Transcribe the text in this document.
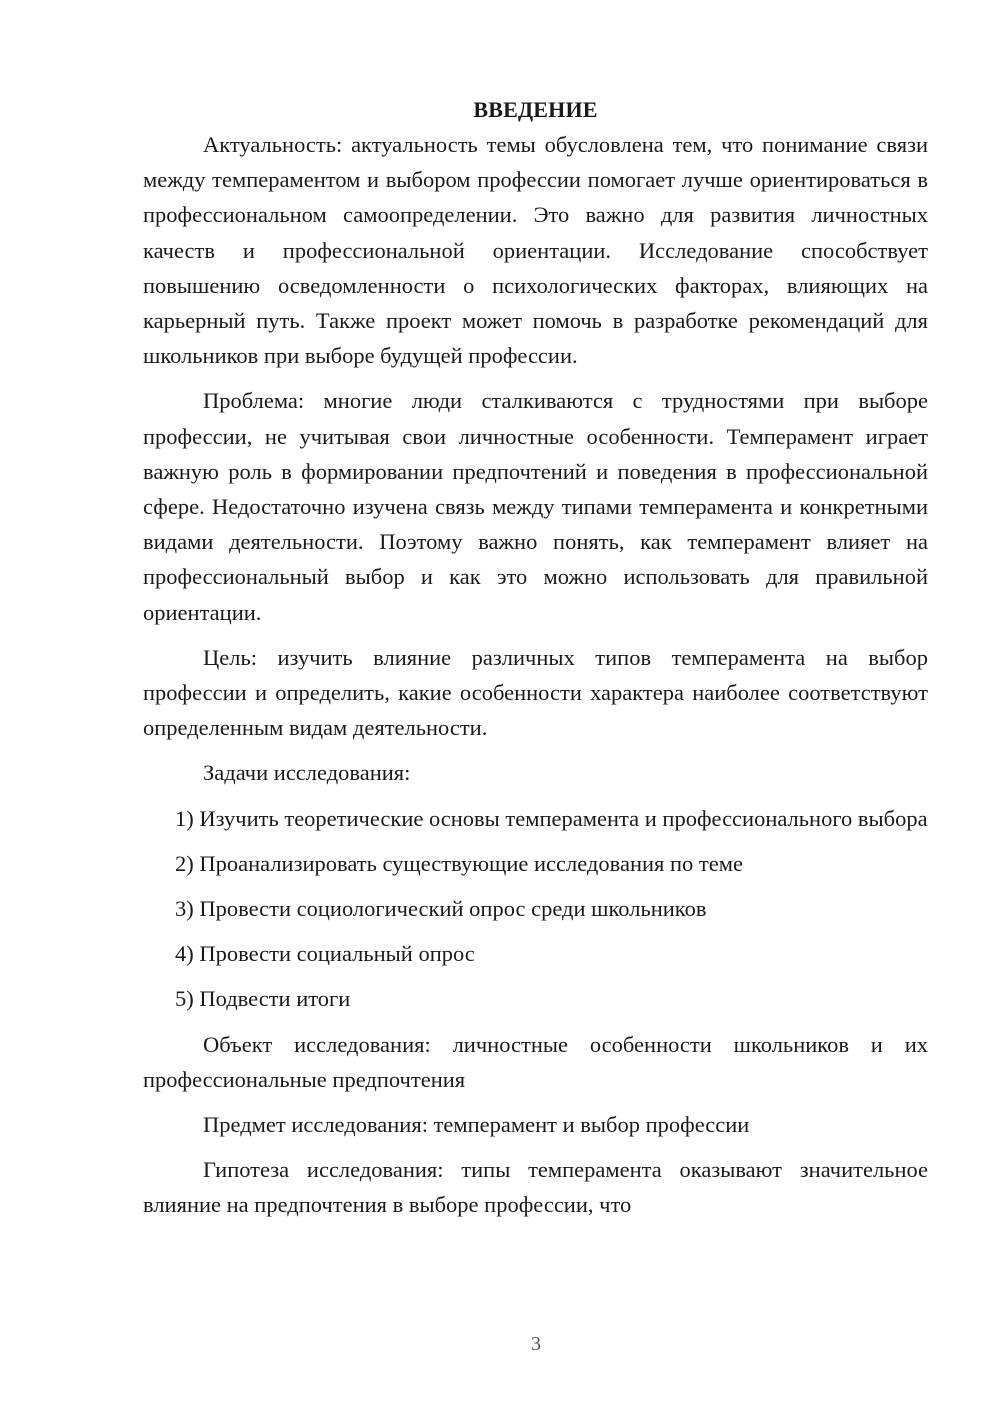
ВВЕДЕНИЕ

Актуальность: актуальность темы обусловлена тем, что понимание связи между темпераментом и выбором профессии помогает лучше ориентироваться в профессиональном самоопределении. Это важно для развития личностных качеств и профессиональной ориентации. Исследование способствует повышению осведомленности о психологических факторах, влияющих на карьерный путь. Также проект может помочь в разработке рекомендаций для школьников при выборе будущей профессии.

Проблема: многие люди сталкиваются с трудностями при выборе профессии, не учитывая свои личностные особенности. Темперамент играет важную роль в формировании предпочтений и поведения в профессиональной сфере. Недостаточно изучена связь между типами темперамента и конкретными видами деятельности. Поэтому важно понять, как темперамент влияет на профессиональный выбор и как это можно использовать для правильной ориентации.

Цель: изучить влияние различных типов темперамента на выбор профессии и определить, какие особенности характера наиболее соответствуют определенным видам деятельности.

Задачи исследования:

1) Изучить теоретические основы темперамента и профессионального выбора

2) Проанализировать существующие исследования по теме

3) Провести социологический опрос среди школьников

4) Провести социальный опрос

5) Подвести итоги

Объект исследования: личностные особенности школьников и их профессиональные предпочтения

Предмет исследования: темперамент и выбор профессии

Гипотеза исследования: типы темперамента оказывают значительное влияние на предпочтения в выборе профессии, что

3
